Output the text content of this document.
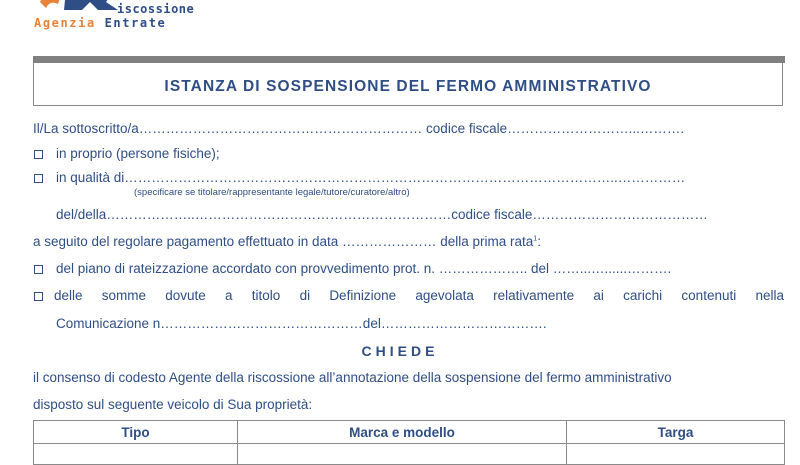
iscossione
Agenzia Entrate
ISTANZA DI SOSPENSIONE DEL FERMO AMMINISTRATIVO
Il/La sottoscritto/a……………………………………………………… codice fiscale………………………...……….
in proprio (persone fisiche);
in qualità di………………………………………………………………………………………………..……………
(specificare se titolare/rappresentante legale/tutore/curatore/altro)
del/della………………..…………………………………………………codice fiscale…………………………………
a seguito del regolare pagamento effettuato in data ………………… della prima rata$^1$:
del piano di rateizzazione accordato con provvedimento prot. n. ……………….. del ……...…......……….
delle somme dovute a titolo di Definizione agevolata relativamente ai carichi contenuti nella
Comunicazione n………………………………………del……………………………….
CHIEDE
il consenso di codesto Agente della riscossione all’annotazione della sospensione del fermo amministrativo
disposto sul seguente veicolo di Sua proprietà:
Tipo	Marca e modello	Targa
